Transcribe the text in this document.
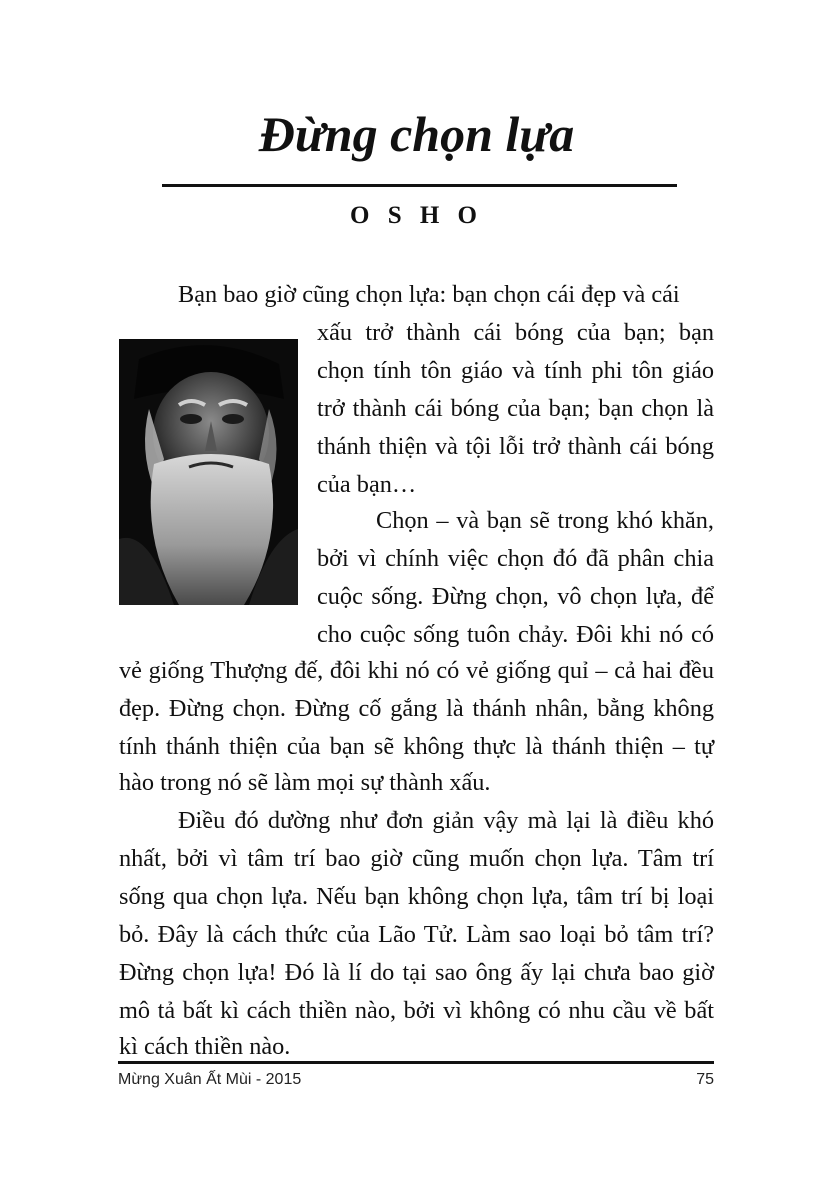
Đừng chọn lựa
O S H O
Bạn bao giờ cũng chọn lựa: bạn chọn cái đẹp và cái
xấu trở thành cái bóng của bạn; bạn
chọn tính tôn giáo và tính phi tôn giáo
trở thành cái bóng của bạn; bạn chọn là
thánh thiện và tội lỗi trở thành cái bóng
của bạn…
Chọn – và bạn sẽ trong khó khăn,
bởi vì chính việc chọn đó đã phân chia
cuộc sống. Đừng chọn, vô chọn lựa, để
cho cuộc sống tuôn chảy. Đôi khi nó có
vẻ giống Thượng đế, đôi khi nó có vẻ giống quỉ – cả hai đều
đẹp. Đừng chọn. Đừng cố gắng là thánh nhân, bằng không
tính thánh thiện của bạn sẽ không thực là thánh thiện – tự
hào trong nó sẽ làm mọi sự thành xấu.
Điều đó dường như đơn giản vậy mà lại là điều khó
nhất, bởi vì tâm trí bao giờ cũng muốn chọn lựa. Tâm trí
sống qua chọn lựa. Nếu bạn không chọn lựa, tâm trí bị loại
bỏ. Đây là cách thức của Lão Tử. Làm sao loại bỏ tâm trí?
Đừng chọn lựa! Đó là lí do tại sao ông ấy lại chưa bao giờ
mô tả bất kì cách thiền nào, bởi vì không có nhu cầu về bất
kì cách thiền nào.
Mừng Xuân Ất Mùi - 2015	75
